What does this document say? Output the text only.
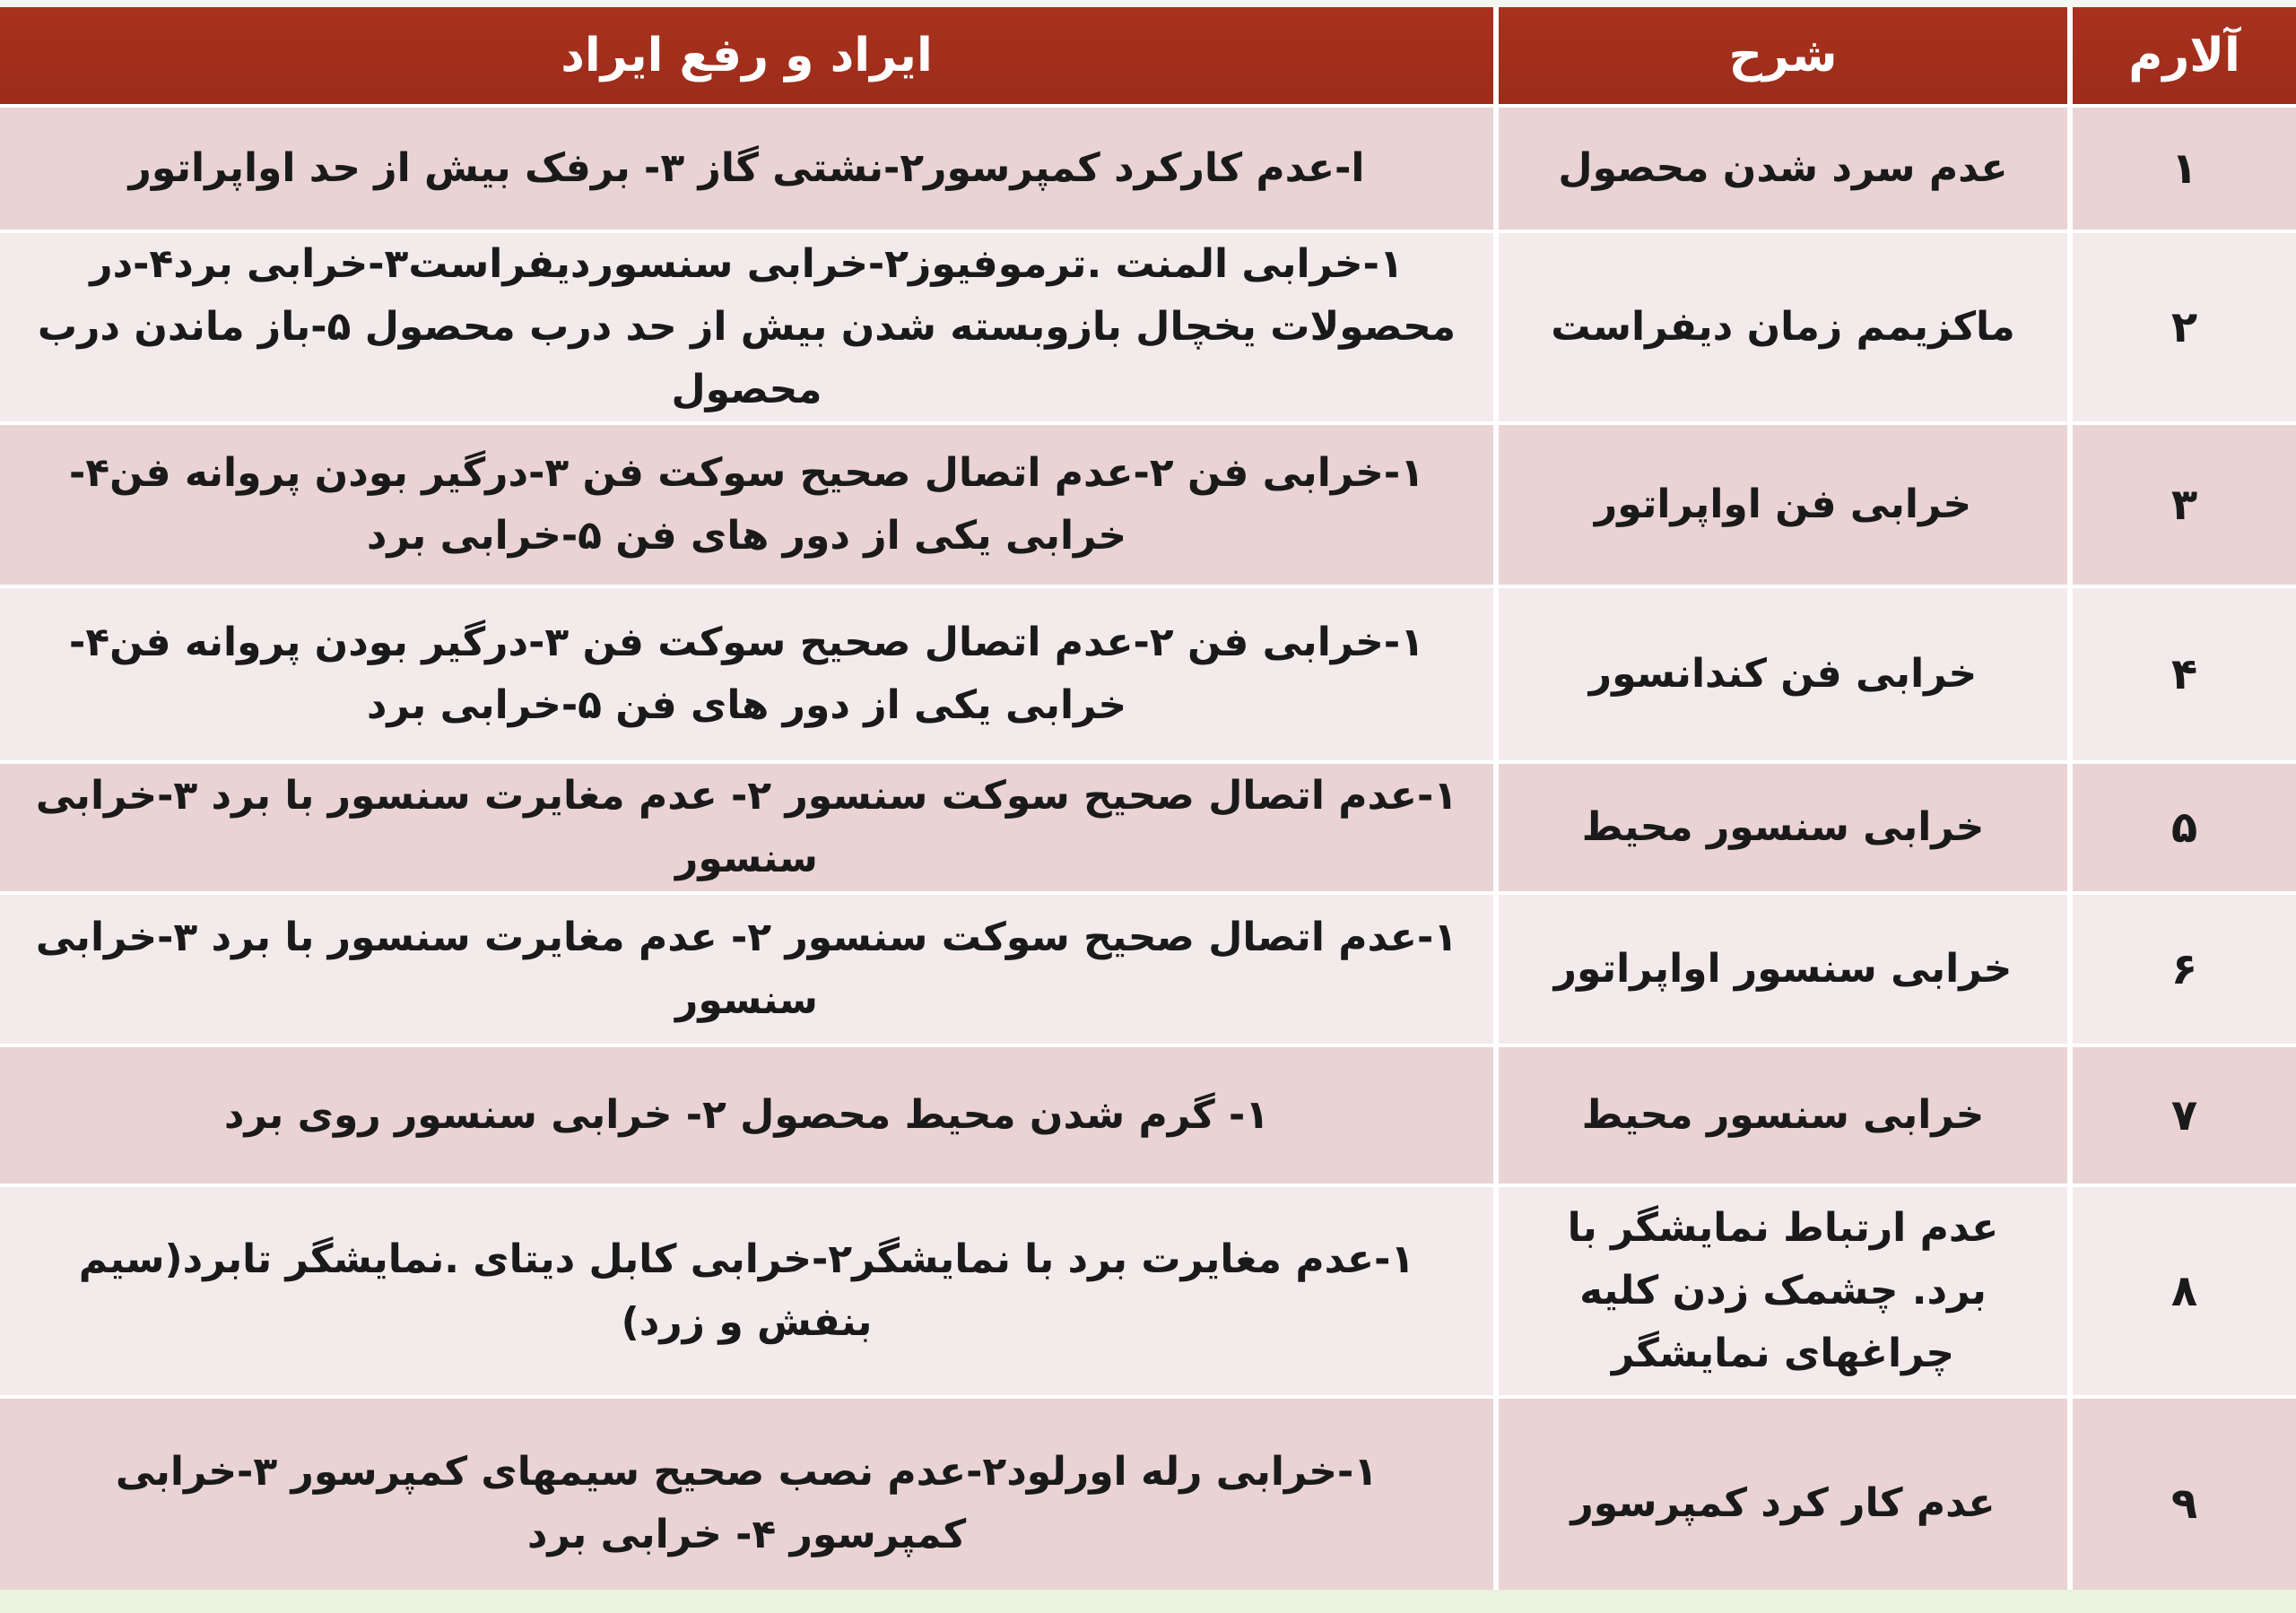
آلارم	شرح	ایراد و رفع ایراد
۱	عدم سرد شدن محصول	ا-عدم کارکرد کمپرسور۲-نشتی گاز ۳- برفک بیش از حد اواپراتور
۲	ماکزیمم زمان دیفراست	۱-خرابی المنت .ترموفیوز۲-خرابی سنسوردیفراست۳-خرابی برد۴-در محصولات یخچال بازوبسته شدن بیش از حد درب محصول ۵-باز ماندن درب محصول
۳	خرابی فن اواپراتور	۱-خرابی فن ۲-عدم اتصال صحیح سوکت فن ۳-درگیر بودن پروانه فن۴-خرابی یکی از دور های فن ۵-خرابی برد
۴	خرابی فن کندانسور	۱-خرابی فن ۲-عدم اتصال صحیح سوکت فن ۳-درگیر بودن پروانه فن۴-خرابی یکی از دور های فن ۵-خرابی برد
۵	خرابی سنسور محیط	۱-عدم اتصال صحیح سوکت سنسور ۲- عدم مغایرت سنسور با برد ۳-خرابی سنسور
۶	خرابی سنسور اواپراتور	۱-عدم اتصال صحیح سوکت سنسور ۲- عدم مغایرت سنسور با برد ۳-خرابی سنسور
۷	خرابی سنسور محیط	۱- گرم شدن محیط محصول ۲- خرابی سنسور روی برد
۸	عدم ارتباط نمایشگر با برد. چشمک زدن کلیه چراغهای نمایشگر	۱-عدم مغایرت برد با نمایشگر۲-خرابی کابل دیتای .نمایشگر تابرد(سیم بنفش و زرد)
۹	عدم کار کرد کمپرسور	۱-خرابی رله اورلود۲-عدم نصب صحیح سیمهای کمپرسور ۳-خرابی کمپرسور ۴- خرابی برد
